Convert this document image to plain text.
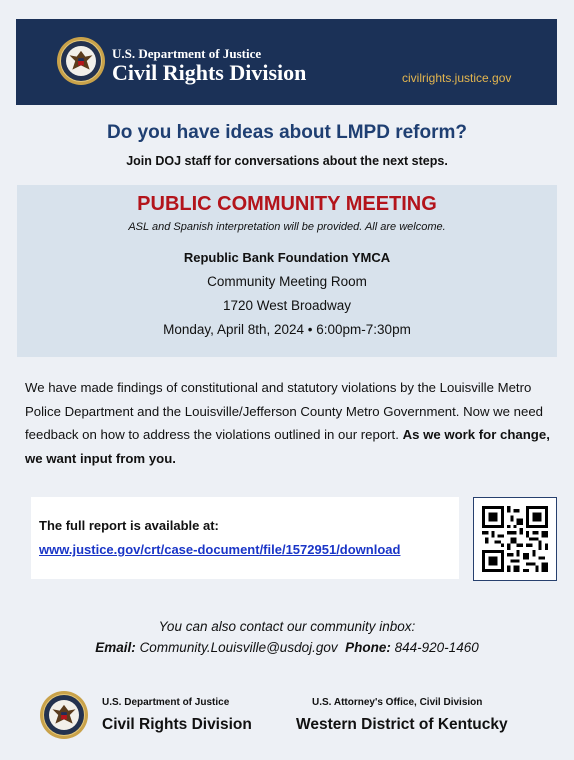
U.S. Department of Justice
Civil Rights Division	civilrights.justice.gov
Do you have ideas about LMPD reform?
Join DOJ staff for conversations about the next steps.
PUBLIC COMMUNITY MEETING
ASL and Spanish interpretation will be provided. All are welcome.
Republic Bank Foundation YMCA
Community Meeting Room
1720 West Broadway
Monday, April 8th, 2024 • 6:00pm-7:30pm
We have made findings of constitutional and statutory violations by the Louisville Metro Police Department and the Louisville/Jefferson County Metro Government. Now we need feedback on how to address the violations outlined in our report. As we work for change, we want input from you.
The full report is available at:
www.justice.gov/crt/case-document/file/1572951/download
You can also contact our community inbox:
Email: Community.Louisville@usdoj.gov Phone: 844-920-1460
U.S. Department of Justice
Civil Rights Division
U.S. Attorney's Office, Civil Division
Western District of Kentucky
